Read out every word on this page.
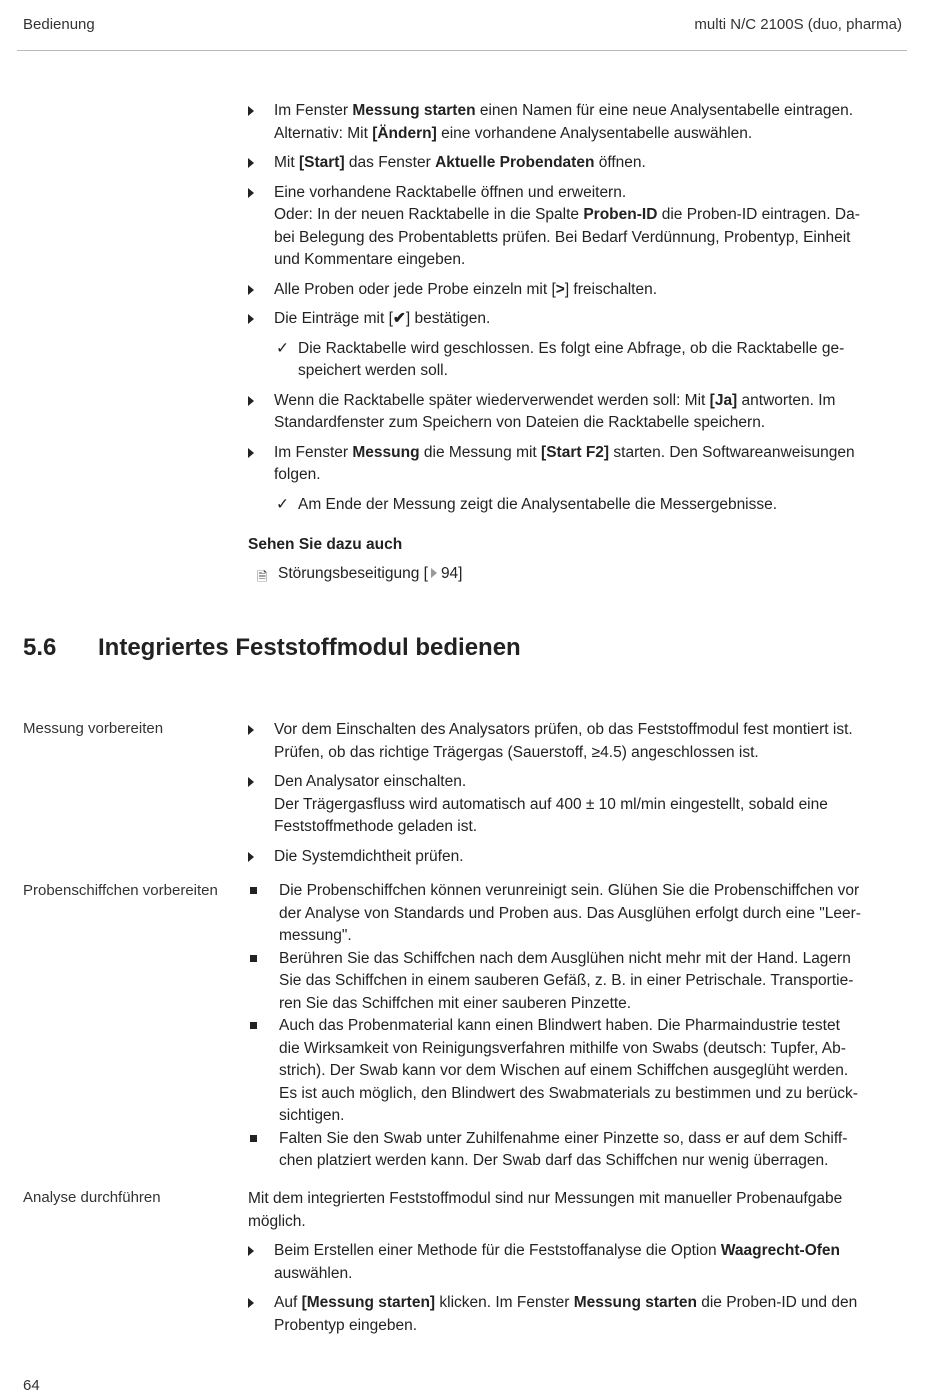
Bedienung	multi N/C 2100S (duo, pharma)
Im Fenster Messung starten einen Namen für eine neue Analysentabelle eintragen.
Alternativ: Mit [Ändern] eine vorhandene Analysentabelle auswählen.
Mit [Start] das Fenster Aktuelle Probendaten öffnen.
Eine vorhandene Racktabelle öffnen und erweitern.
Oder: In der neuen Racktabelle in die Spalte Proben-ID die Proben-ID eintragen. Da-
bei Belegung des Probentabletts prüfen. Bei Bedarf Verdünnung, Probentyp, Einheit
und Kommentare eingeben.
Alle Proben oder jede Probe einzeln mit [>] freischalten.
Die Einträge mit [✔] bestätigen.
✓ Die Racktabelle wird geschlossen. Es folgt eine Abfrage, ob die Racktabelle ge-
speichert werden soll.
Wenn die Racktabelle später wiederverwendet werden soll: Mit [Ja] antworten. Im
Standardfenster zum Speichern von Dateien die Racktabelle speichern.
Im Fenster Messung die Messung mit [Start F2] starten. Den Softwareanweisungen
folgen.
✓ Am Ende der Messung zeigt die Analysentabelle die Messergebnisse.
Sehen Sie dazu auch
🗎 Störungsbeseitigung [ 94]
5.6 Integriertes Feststoffmodul bedienen
Messung vorbereiten	Vor dem Einschalten des Analysators prüfen, ob das Feststoffmodul fest montiert ist.
Prüfen, ob das richtige Trägergas (Sauerstoff, ≥4.5) angeschlossen ist.
Den Analysator einschalten.
Der Trägergasfluss wird automatisch auf 400 ± 10 ml/min eingestellt, sobald eine
Feststoffmethode geladen ist.
Die Systemdichtheit prüfen.
Probenschiffchen vorbereiten	Die Probenschiffchen können verunreinigt sein. Glühen Sie die Probenschiffchen vor
der Analyse von Standards und Proben aus. Das Ausglühen erfolgt durch eine "Leer-
messung".
Berühren Sie das Schiffchen nach dem Ausglühen nicht mehr mit der Hand. Lagern
Sie das Schiffchen in einem sauberen Gefäß, z. B. in einer Petrischale. Transportie-
ren Sie das Schiffchen mit einer sauberen Pinzette.
Auch das Probenmaterial kann einen Blindwert haben. Die Pharmaindustrie testet
die Wirksamkeit von Reinigungsverfahren mithilfe von Swabs (deutsch: Tupfer, Ab-
strich). Der Swab kann vor dem Wischen auf einem Schiffchen ausgeglüht werden.
Es ist auch möglich, den Blindwert des Swabmaterials zu bestimmen und zu berück-
sichtigen.
Falten Sie den Swab unter Zuhilfenahme einer Pinzette so, dass er auf dem Schiff-
chen platziert werden kann. Der Swab darf das Schiffchen nur wenig überragen.
Analyse durchführen	Mit dem integrierten Feststoffmodul sind nur Messungen mit manueller Probenaufgabe
möglich.
Beim Erstellen einer Methode für die Feststoffanalyse die Option Waagrecht-Ofen
auswählen.
Auf [Messung starten] klicken. Im Fenster Messung starten die Proben-ID und den
Probentyp eingeben.
64
